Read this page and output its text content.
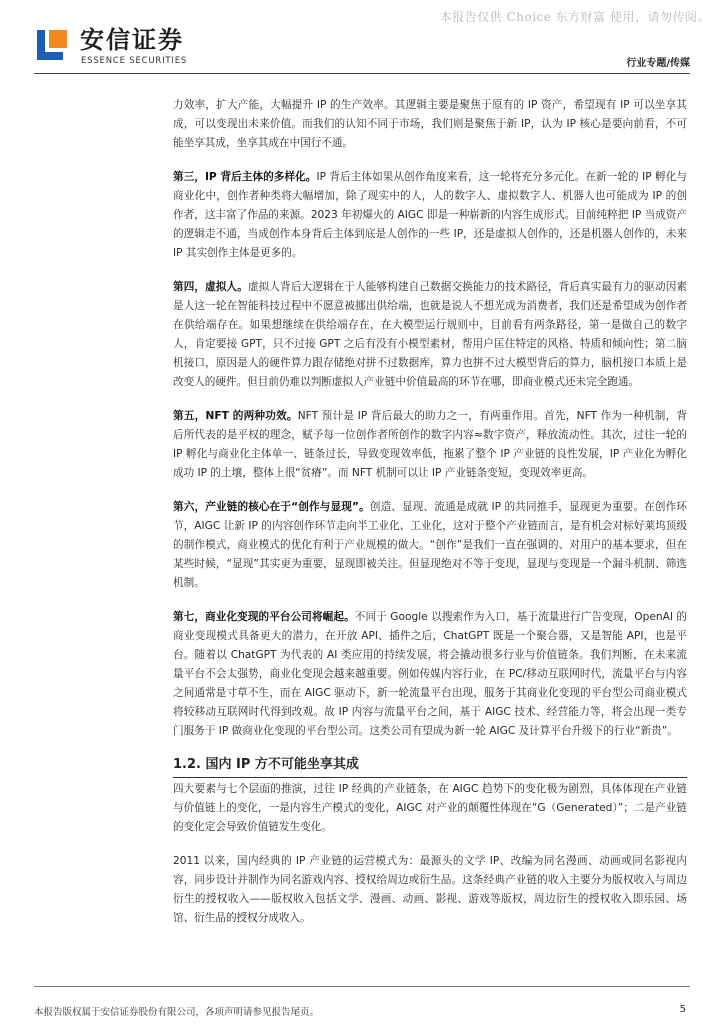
本报告仅供 Choice 东方财富 使用，请勿传阅。
安信证券
ESSENCE SECURITIES	行业专题/传媒

力效率，扩大产能，大幅提升 IP 的生产效率。其逻辑主要是聚焦于原有的 IP 资产，希望现有 IP 可以坐享其成，可以变现出未来价值。而我们的认知不同于市场，我们则是聚焦于新 IP，认为 IP 核心是要向前看，不可能坐享其成，坐享其成在中国行不通。

第三，IP 背后主体的多样化。IP 背后主体如果从创作角度来看，这一轮将充分多元化。在新一轮的 IP 孵化与商业化中，创作者种类将大幅增加，除了现实中的人，人的数字人、虚拟数字人、机器人也可能成为 IP 的创作者，这丰富了作品的来源。2023 年初爆火的 AIGC 即是一种崭新的内容生成形式。目前纯粹把 IP 当成资产的逻辑走不通，当成创作本身背后主体到底是人创作的一些 IP，还是虚拟人创作的，还是机器人创作的，未来 IP 其实创作主体是更多的。

第四，虚拟人。虚拟人背后大逻辑在于人能够构建自己数据交换能力的技术路径，背后真实最有力的驱动因素是人这一轮在智能科技过程中不愿意被挪出供给端，也就是说人不想光成为消费者，我们还是希望成为创作者在供给端存在。如果想继续在供给端存在，在大模型运行规则中，目前看有两条路径，第一是做自己的数字人，肯定要接 GPT，只不过接 GPT 之后有没有小模型素材，帮用户匡住特定的风格、特质和倾向性；第二脑机接口，原因是人的硬件算力跟存储绝对拼不过数据库，算力也拼不过大模型背后的算力，脑机接口本质上是改变人的硬件。但目前仍难以判断虚拟人产业链中价值最高的环节在哪，即商业模式还未完全跑通。

第五，NFT 的两种功效。NFT 预计是 IP 背后最大的助力之一，有两重作用。首先，NFT 作为一种机制，背后所代表的是平权的理念，赋予每一位创作者所创作的数字内容≈数字资产，释放流动性。其次，过往一轮的 IP 孵化与商业化主体单一、链条过长，导致变现效率低，拖累了整个 IP 产业链的良性发展，IP 产业化为孵化成功 IP 的土壤，整体上很“贫瘠”。而 NFT 机制可以让 IP 产业链条变短，变现效率更高。

第六，产业链的核心在于“创作与显现”。创造、显现、流通是成就 IP 的共同推手，显现更为重要。在创作环节，AIGC 让新 IP 的内容创作环节走向半工业化、工业化，这对于整个产业链而言，是有机会对标好莱坞顶级的制作模式，商业模式的优化有利于产业规模的做大。“创作”是我们一直在强调的、对用户的基本要求，但在某些时候，“显现”其实更为重要，显现即被关注。但显现绝对不等于变现，显现与变现是一个漏斗机制、筛选机制。

第七，商业化变现的平台公司将崛起。不同于 Google 以搜索作为入口，基于流量进行广告变现，OpenAI 的商业变现模式具备更大的潜力，在开放 API、插件之后，ChatGPT 既是一个聚合器，又是智能 API，也是平台。随着以 ChatGPT 为代表的 AI 类应用的持续发展，将会撬动很多行业与价值链条。我们判断，在未来流量平台不会太强势，商业化变现会越来越重要。例如传媒内容行业，在 PC/移动互联网时代，流量平台与内容之间通常是寸草不生，而在 AIGC 驱动下，新一轮流量平台出现，服务于其商业化变现的平台型公司商业模式将较移动互联网时代得到改观。故 IP 内容与流量平台之间，基于 AIGC 技术、经营能力等，将会出现一类专门服务于 IP 做商业化变现的平台型公司。这类公司有望成为新一轮 AIGC 及计算平台升级下的行业“新贵”。

1.2. 国内 IP 方不可能坐享其成

四大要素与七个层面的推演，过往 IP 经典的产业链条，在 AIGC 趋势下的变化极为剧烈，具体体现在产业链与价值链上的变化，一是内容生产模式的变化，AIGC 对产业的颠覆性体现在“G（Generated）”；二是产业链的变化定会导致价值链发生变化。

2011 以来，国内经典的 IP 产业链的运营模式为：最源头的文学 IP、改编为同名漫画、动画或同名影视内容，同步设计并制作为同名游戏内容、授权给周边或衍生品。这条经典产业链的收入主要分为版权收入与周边衍生的授权收入——版权收入包括文学、漫画、动画、影视、游戏等版权，周边衍生的授权收入即乐园、场馆、衍生品的授权分成收入。

本报告版权属于安信证券股份有限公司，各项声明请参见报告尾页。	5
